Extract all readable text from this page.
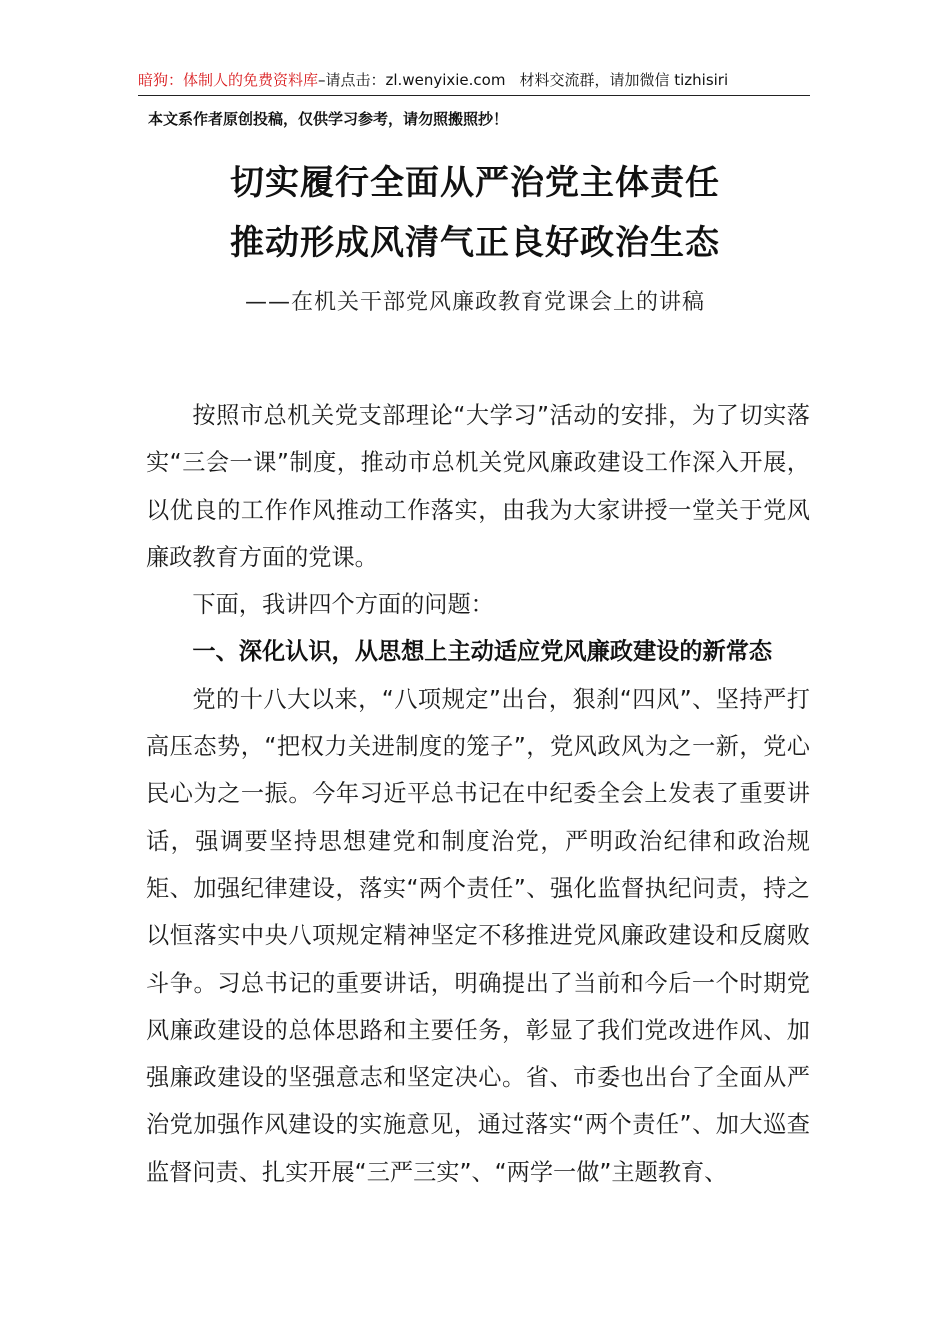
暗狗：体制人的免费资料库–请点击：zl.wenyixie.com 材料交流群，请加微信 tizhisiri
本文系作者原创投稿，仅供学习参考，请勿照搬照抄！
切实履行全面从严治党主体责任
推动形成风清气正良好政治生态
——在机关干部党风廉政教育党课会上的讲稿

按照市总机关党支部理论“大学习”活动的安排，为了切实落实“三会一课”制度，推动市总机关党风廉政建设工作深入开展，以优良的工作作风推动工作落实，由我为大家讲授一堂关于党风廉政教育方面的党课。

下面，我讲四个方面的问题：

一、深化认识，从思想上主动适应党风廉政建设的新常态

党的十八大以来，“八项规定”出台，狠刹“四风”、坚持严打高压态势，“把权力关进制度的笼子”，党风政风为之一新，党心民心为之一振。今年习近平总书记在中纪委全会上发表了重要讲话，强调要坚持思想建党和制度治党，严明政治纪律和政治规矩、加强纪律建设，落实“两个责任”、强化监督执纪问责，持之以恒落实中央八项规定精神坚定不移推进党风廉政建设和反腐败斗争。习总书记的重要讲话，明确提出了当前和今后一个时期党风廉政建设的总体思路和主要任务，彰显了我们党改进作风、加强廉政建设的坚强意志和坚定决心。省、市委也出台了全面从严治党加强作风建设的实施意见，通过落实“两个责任”、加大巡查监督问责、扎实开展“三严三实”、“两学一做”主题教育、
